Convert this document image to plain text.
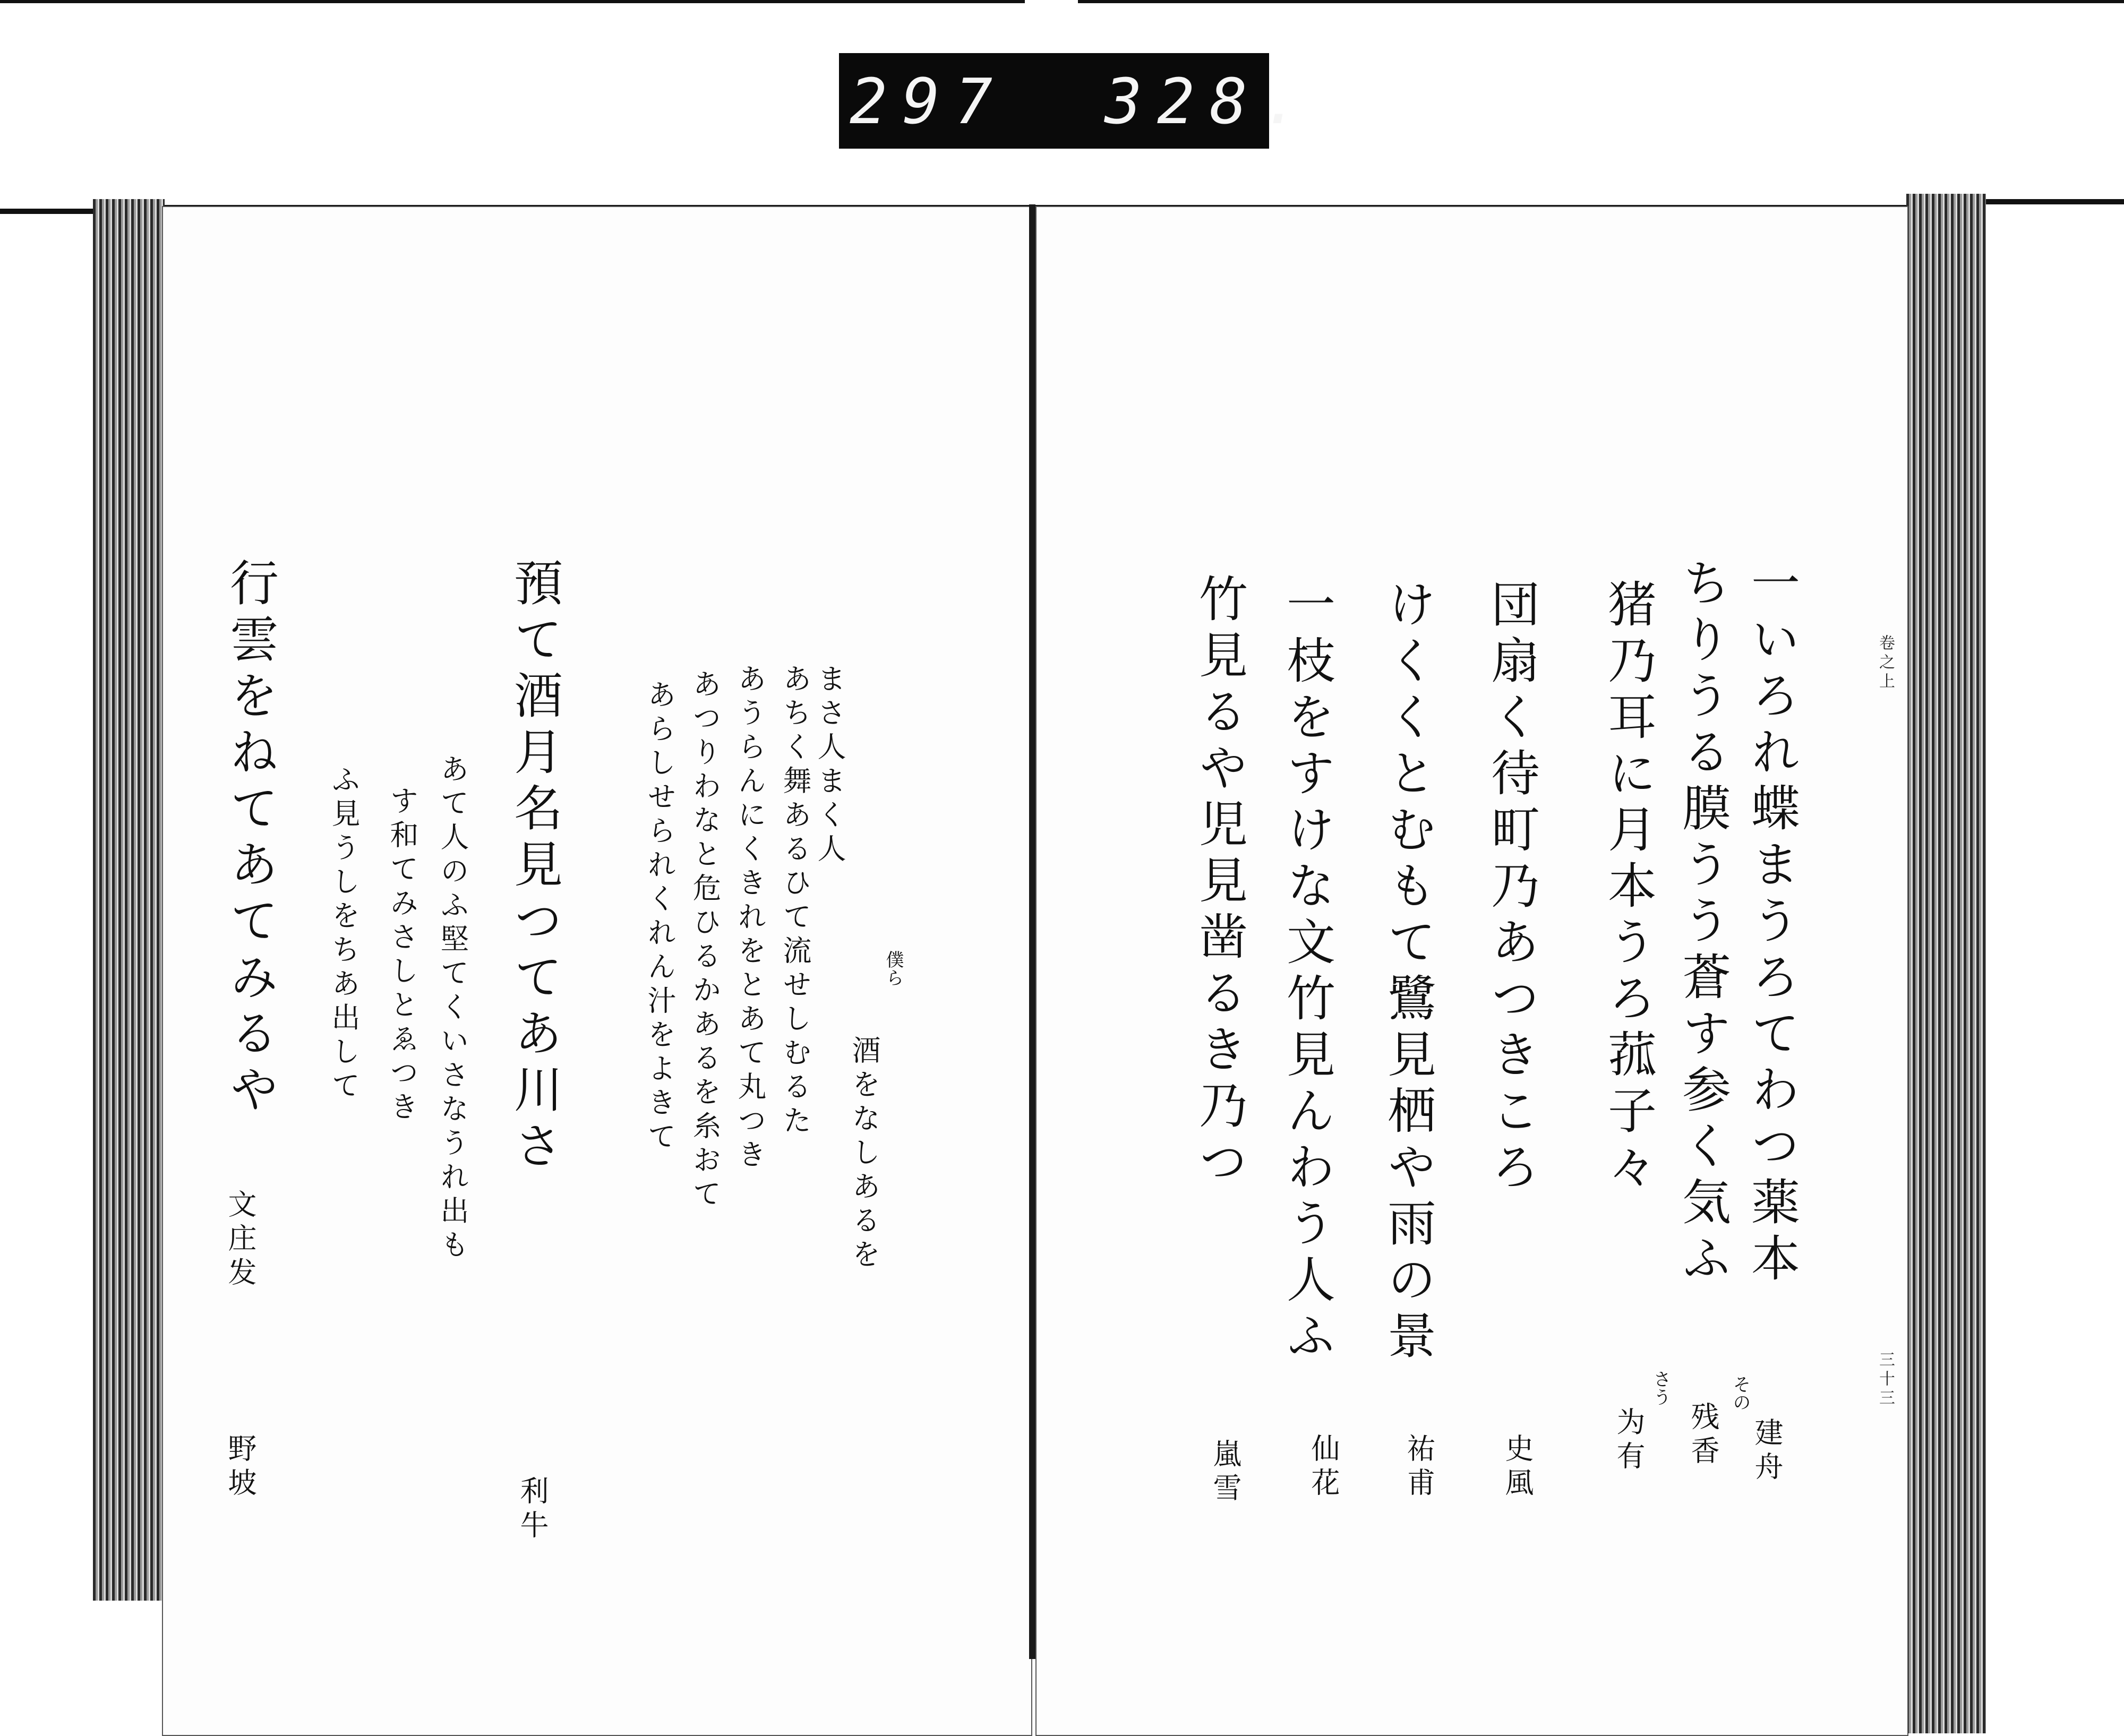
297 328.
卷之上
三十三
一いろれ蝶まうろてわつ薬本
建舟
ちりうる膜うう蒼す参く気ふ
その
残香
猪乃耳に月本うろ菰子々
さう
为有
団扇く待町乃あつきころ
史風
けくくとむもて鷺見栖や雨の景
祐甫
一枝をすけな文竹見んわう人ふ
仙花
竹見るや児見凿るき乃つ
嵐雪
まさ人まく人
僕ら
酒をなしあるを
あちく舞あるひて流せしむるた
あうらんにくきれをとあて丸つき
あつりわなと危ひるかあるを糸おて
あらしせられくれん汁をよきて
預て酒月名見つてあ川さ
利牛
あて人のふ堅てくいさなうれ出も
す和てみさしとゑつき
ふ見うしをちあ出して
行雲をねてあてみるや
文庄发
野坡
